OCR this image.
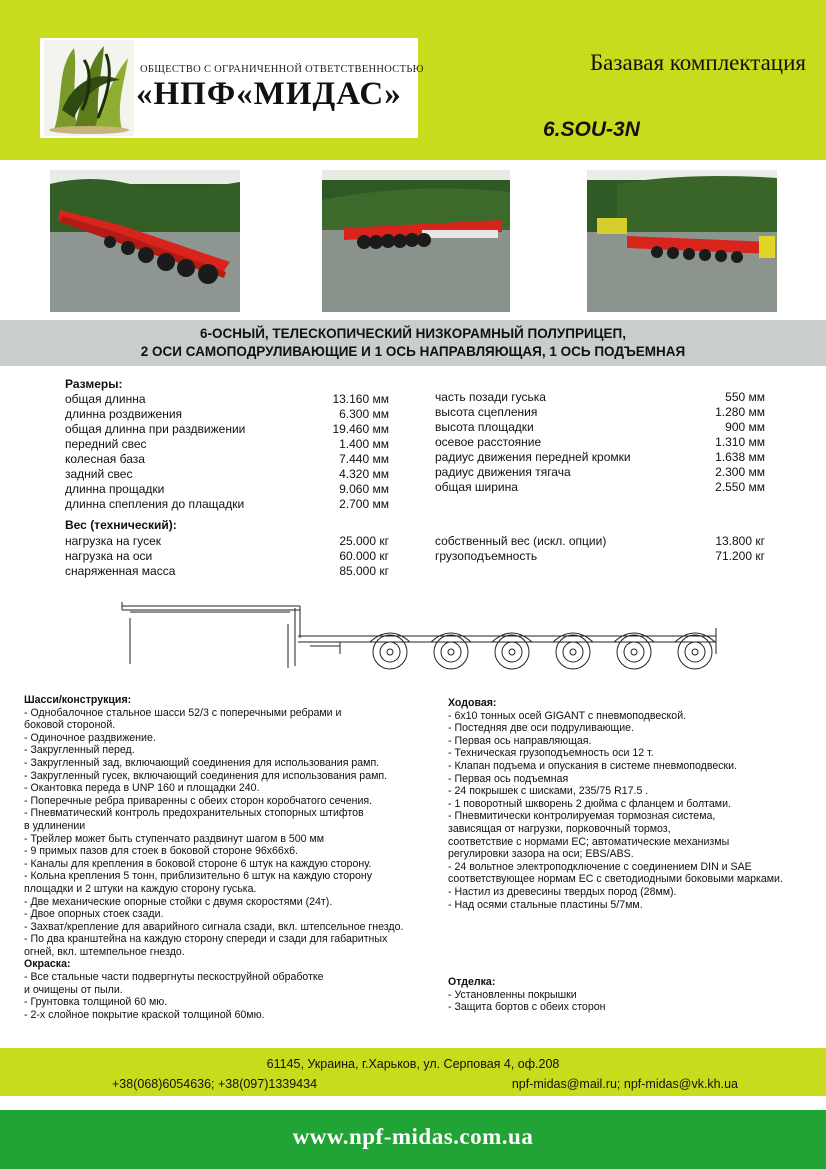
ОБЩЕСТВО С ОГРАНИЧЕННОЙ ОТВЕТСТВЕННОСТЬЮ
«НПФ«МИДАС»
Базавая комплектация
6.SOU-3N
6-ОСНЫЙ, ТЕЛЕСКОПИЧЕСКИЙ НИЗКОРАМНЫЙ ПОЛУПРИЦЕП,
2 ОСИ САМОПОДРУЛИВАЮЩИЕ И 1 ОСЬ НАПРАВЛЯЮЩАЯ, 1 ОСЬ ПОДЪЕМНАЯ
Размеры:
общая длинна	13.160 мм
длинна роздвижения	6.300 мм
общая длинна при раздвижении	19.460 мм
передний свес	1.400 мм
колесная база	7.440 мм
задний свес	4.320 мм
длинна прощадки	9.060 мм
длинна спепления до плащадки	2.700 мм
часть позади гуська	550 мм
высота сцепления	1.280 мм
высота площадки	900 мм
осевое расстояние	1.310 мм
радиус движения передней кромки	1.638 мм
радиус движения тягача	2.300 мм
общая ширина	2.550 мм
Вес (технический):
нагрузка на гусек	25.000 кг
нагрузка на оси	60.000 кг
снаряженная масса	85.000 кг
собственный вес (искл. опции)	13.800 кг
грузоподъемность	71.200 кг
Шасси/конструкция:
- Однобалочное стальное шасси 52/3 с поперечными ребрами и
боковой стороной.
- Одиночное раздвижение.
- Закругленный перед.
- Закругленный зад, включающий соединения для использования рамп.
- Закругленный гусек, включающий соединения для использования рамп.
- Окантовка переда в UNP 160 и площадки 240.
- Поперечные ребра приваренны с обеих сторон коробчатого сечения.
- Пневматический контроль предохранительных стопорных штифтов
в удлинении
- Трейлер может быть ступенчато раздвинут шагом в 500 мм
- 9 примых пазов для стоек в боковой стороне 96х66х6.
- Каналы для крепления в боковой стороне 6 штук на каждую сторону.
- Кольна крепления 5 тонн, приблизительно 6 штук на каждую сторону
площадки и 2 штуки на каждую сторону гуська.
- Две механические опорные стойки с двумя скоростями (24т).
- Двое опорных стоек сзади.
- Захват/крепление для аварийного сигнала сзади, вкл. штепсельное гнездо.
- По два кранштейна на каждую сторону спереди и сзади для габаритных
огней, вкл. штемпельное гнездо.
Окраска:
- Все стальные части подвергнуты пескоструйной обработке
и очищены от пыли.
- Грунтовка толщиной 60 мю.
- 2-х слойное покрытие краской толщиной 60мю.
Ходовая:
- 6х10 тонных осей GIGANT с пневмоподвеской.
- Постедняя две оси подруливающие.
- Первая ось направляющая.
- Техническая грузоподъемность оси 12 т.
- Клапан подъема и опускания в системе пневмоподвески.
- Первая ось подъемная
- 24 покрышек с шисками, 235/75 R17.5 .
- 1 поворотный шкворень 2 дюйма с фланцем и болтами.
- Пневмитически контролируемая тормозная система,
зависящая от нагрузки, порковочный тормоз,
соответствие с нормами ЕС; автоматические механизмы
регулировки зазора на оси; EBS/ABS.
- 24 вольтное электроподключение с соединением DIN и SAE
соответствующее нормам ЕС с светодиодными боковыми марками.
- Настил из древесины твердых пород (28мм).
- Над осями стальные пластины 5/7мм.
Отделка:
- Установленны покрышки
- Защита бортов с обеих сторон
61145, Украина, г.Харьков, ул. Серповая 4, оф.208
+38(068)6054636; +38(097)1339434	npf-midas@mail.ru; npf-midas@vk.kh.ua
www.npf-midas.com.ua
